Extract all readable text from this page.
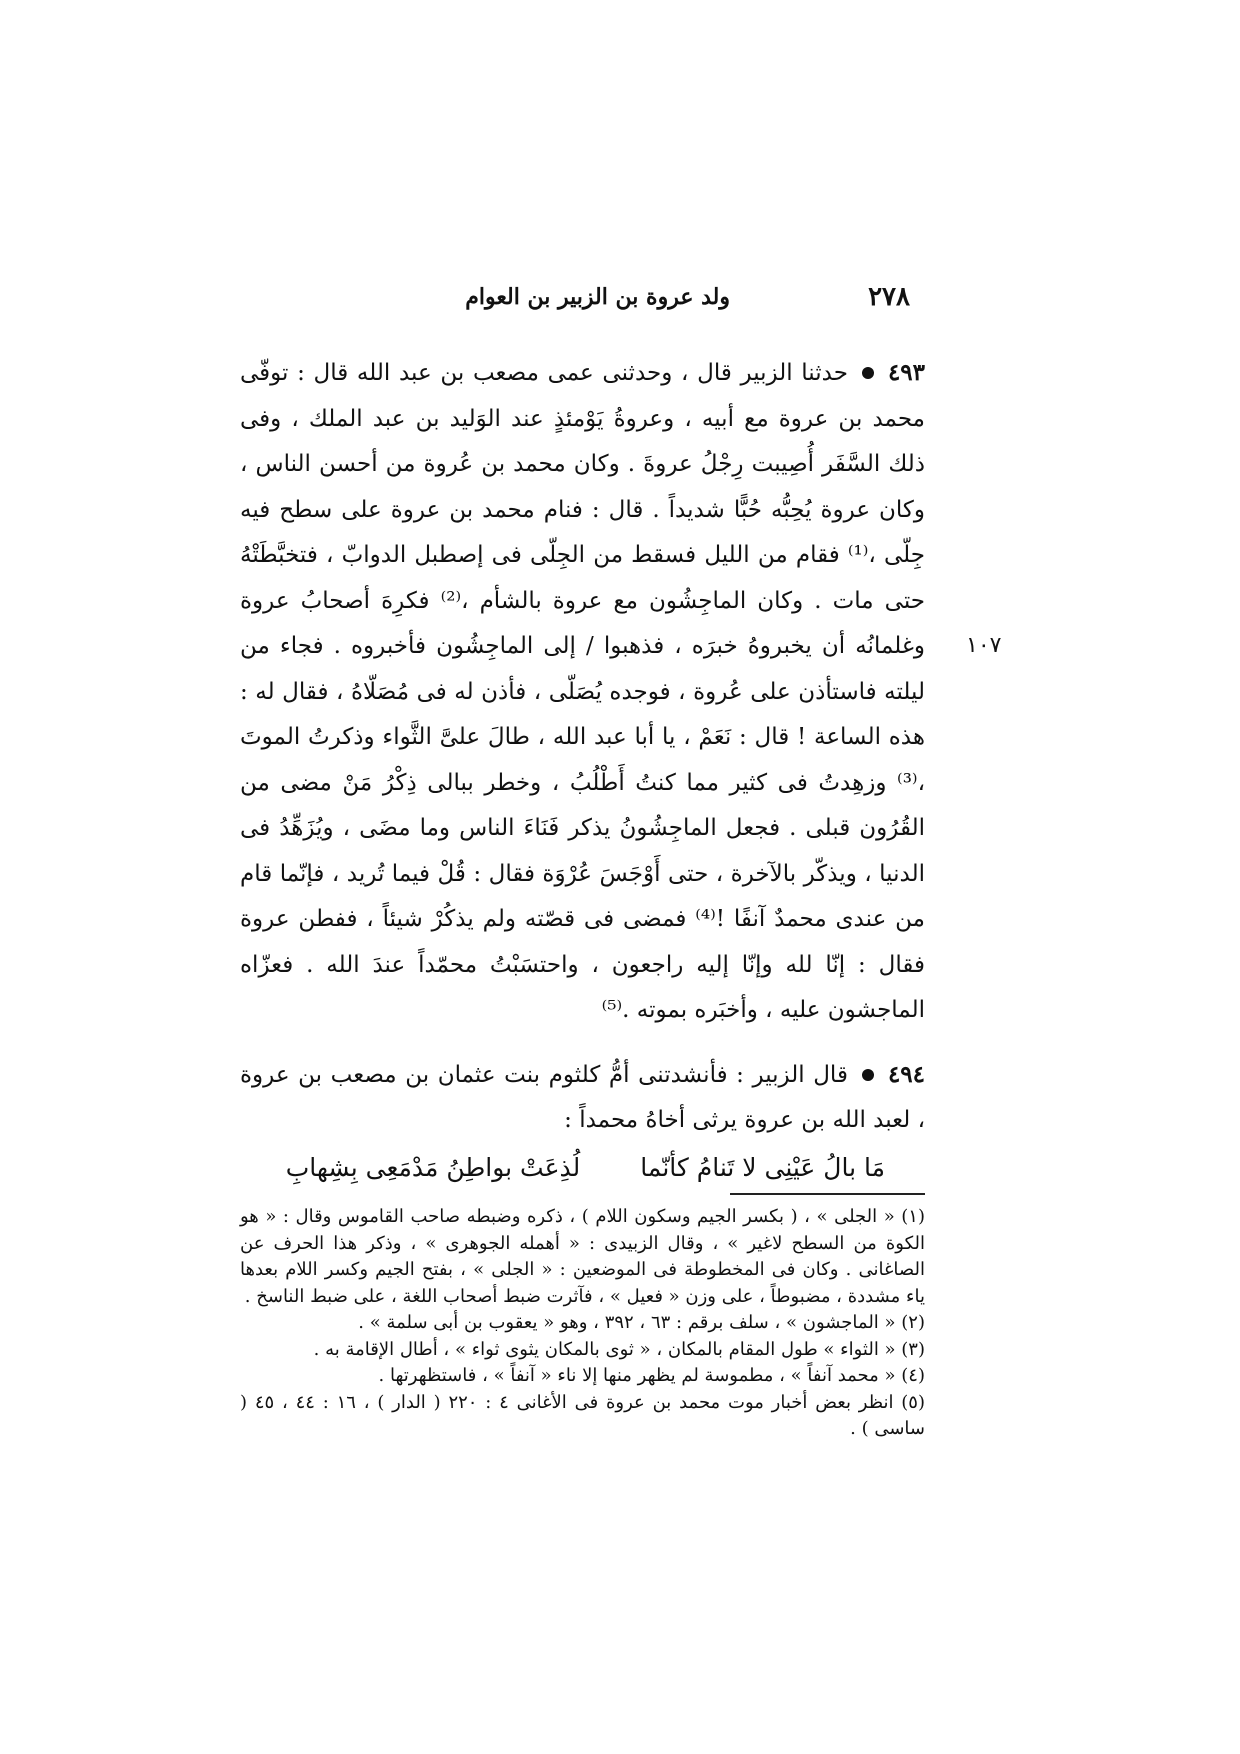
٢٧٨
ولد عروة بن الزبير بن العوام
١٠٧

٤٩٣حدثنا الزبير قال ، وحدثنى عمى مصعب بن عبد الله قال : توفّى محمد بن عروة مع أبيه ، وعروةُ يَوْمئذٍ عند الوَليد بن عبد الملك ، وفى ذلك السَّفَر أُصِيبت رِجْلُ عروةَ . وكان محمد بن عُروة من أحسن الناس ، وكان عروة يُحِبُّه حُبًّا شديداً . قال : فنام محمد بن عروة على سطح فيه جِلّى ،⁽¹⁾ فقام من الليل فسقط من الجِلّى فى إصطبل الدوابّ ، فتخبَّطَتْهُ حتى مات . وكان الماجِشُون مع عروة بالشأم ،⁽²⁾ فكرِهَ أصحابُ عروة وغلمانُه أن يخبروهُ خبرَه ، فذهبوا / إلى الماجِشُون فأخبروه . فجاء من ليلته فاستأذن على عُروة ، فوجده يُصَلّى ، فأذن له فى مُصَلّاهُ ، فقال له : هذه الساعة ! قال : نَعَمْ ، يا أبا عبد الله ، طالَ علىَّ الثَّواء وذكرتُ الموتَ ،⁽³⁾ وزهِدتُ فى كثير مما كنتُ أَطْلُبُ ، وخطر ببالى ذِكْرُ مَنْ مضى من القُرُون قبلى . فجعل الماجِشُونُ يذكر فَنَاءَ الناس وما مضَى ، ويُزَهِّدُ فى الدنيا ، ويذكّر بالآخرة ، حتى أَوْجَسَ عُرْوَة فقال : قُلْ فيما تُريد ، فإنّما قام من عندى محمدٌ آنفًا !⁽⁴⁾ فمضى فى قصّته ولم يذكُرْ شيئاً ، ففطن عروة فقال : إنّا لله وإنّا إليه راجعون ، واحتسَبْتُ محمّداً عندَ الله . فعزّاه الماجشون عليه ، وأخبَره بموته .⁽⁵⁾

٤٩٤قال الزبير : فأنشدتنى أمُّ كلثوم بنت عثمان بن مصعب بن عروة ، لعبد الله بن عروة يرثى أخاهُ محمداً :

مَا بالُ عَيْنِى لا تَنامُ كأنّمالُذِعَتْ بواطِنُ مَدْمَعِى بِشِهابِ

(١) « الجلى » ، ( بكسر الجيم وسكون اللام ) ، ذكره وضبطه صاحب القاموس وقال : « هو الكوة من السطح لاغير » ، وقال الزبيدى : « أهمله الجوهرى » ، وذكر هذا الحرف عن الصاغانى . وكان فى المخطوطة فى الموضعين : « الجلى » ، بفتح الجيم وكسر اللام بعدها ياء مشددة ، مضبوطاً ، على وزن « فعيل » ، فآثرت ضبط أصحاب اللغة ، على ضبط الناسخ .

(٢) « الماجشون » ، سلف برقم : ٦٣ ، ٣٩٢ ، وهو « يعقوب بن أبى سلمة » .

(٣) « الثواء » طول المقام بالمكان ، « ثوى بالمكان يثوى ثواء » ، أطال الإقامة به .

(٤) « محمد آنفاً » ، مطموسة لم يظهر منها إلا ناء « آنفاً » ، فاستظهرتها .

(٥) انظر بعض أخبار موت محمد بن عروة فى الأغانى ٤ : ٢٢٠ ( الدار ) ، ١٦ : ٤٤ ، ٤٥ ( ساسى ) .
